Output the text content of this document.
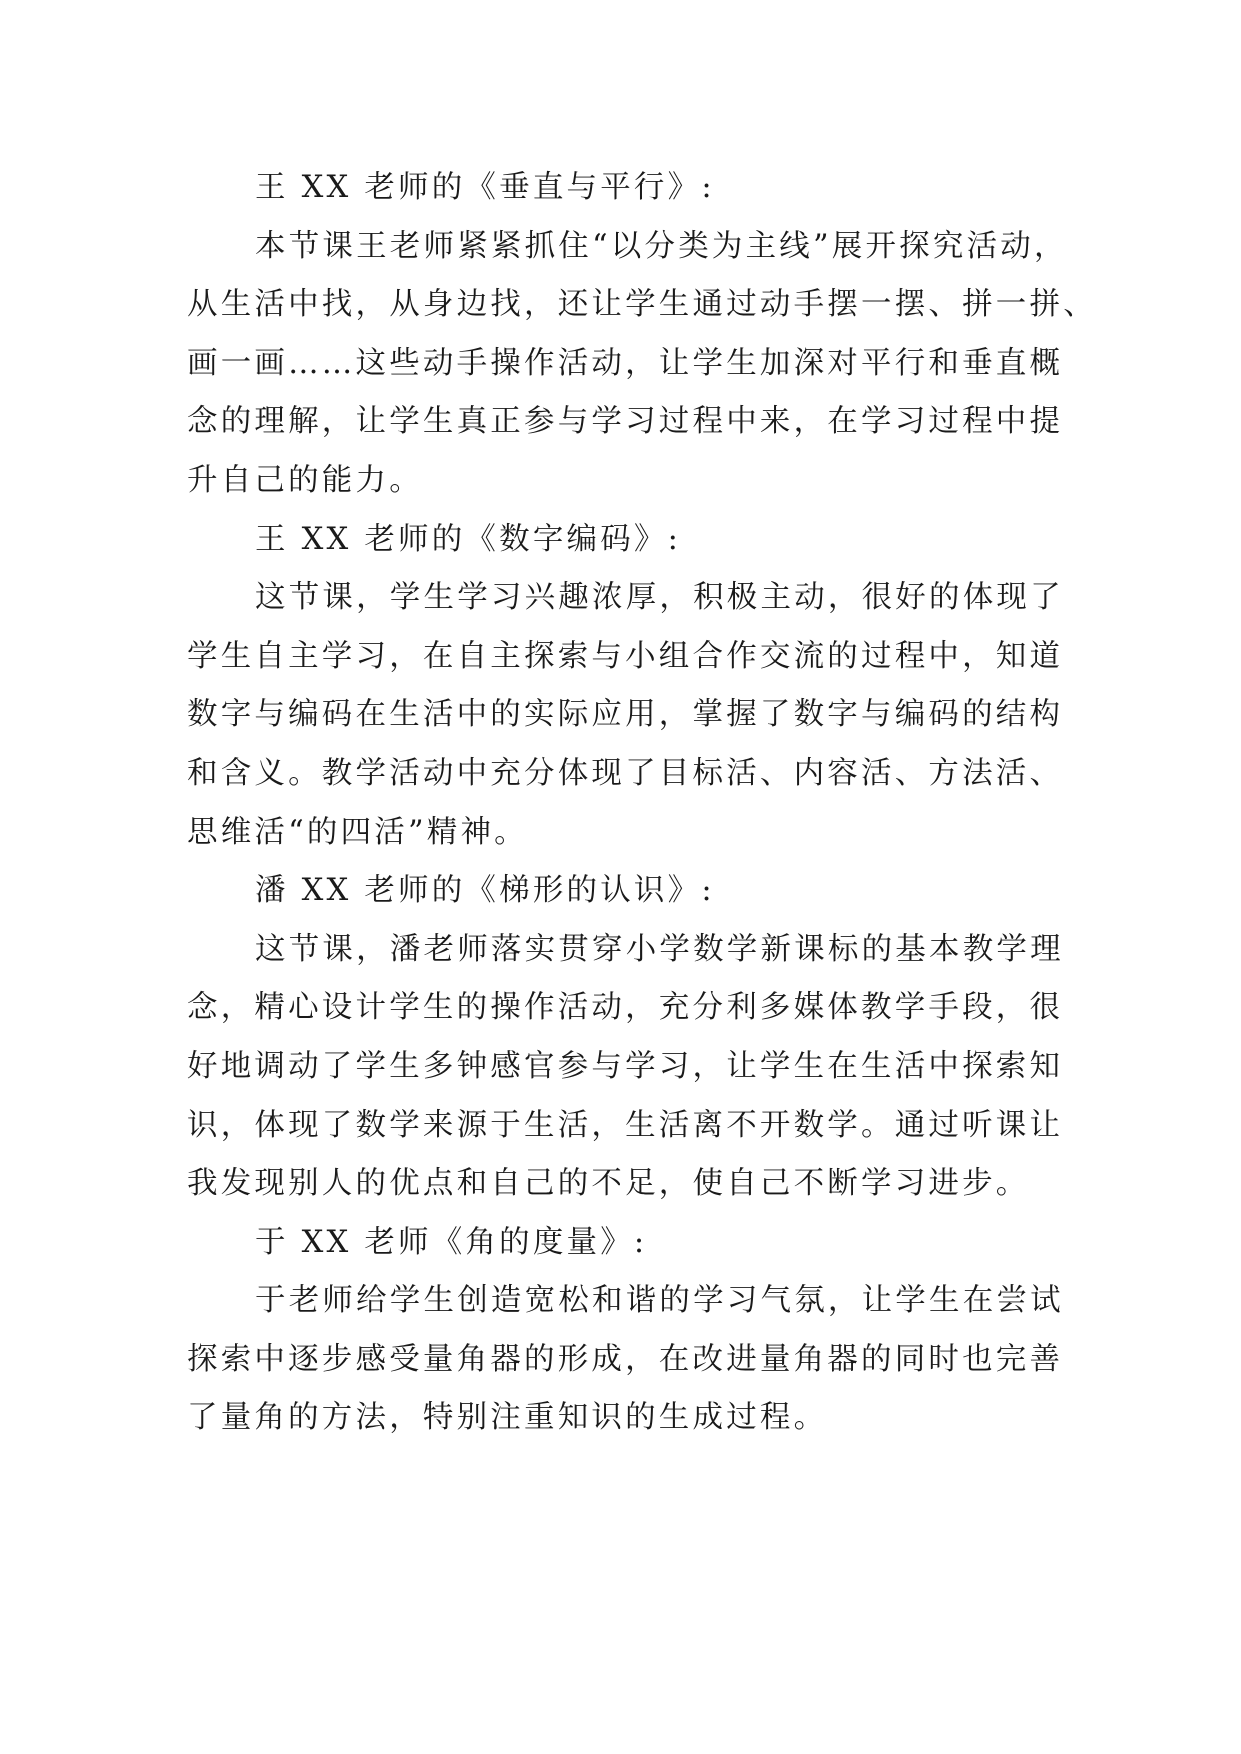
王 XX 老师的《垂直与平行》:
本节课王老师紧紧抓住“以分类为主线”展开探究活动，
从生活中找，从身边找，还让学生通过动手摆一摆、拼一拼、
画一画……这些动手操作活动，让学生加深对平行和垂直概
念的理解，让学生真正参与学习过程中来，在学习过程中提
升自己的能力。
王 XX 老师的《数字编码》:
这节课，学生学习兴趣浓厚，积极主动，很好的体现了
学生自主学习，在自主探索与小组合作交流的过程中，知道
数字与编码在生活中的实际应用，掌握了数字与编码的结构
和含义。教学活动中充分体现了目标活、内容活、方法活、
思维活“的四活”精神。
潘 XX 老师的《梯形的认识》:
这节课，潘老师落实贯穿小学数学新课标的基本教学理
念，精心设计学生的操作活动，充分利多媒体教学手段，很
好地调动了学生多钟感官参与学习，让学生在生活中探索知
识，体现了数学来源于生活，生活离不开数学。通过听课让
我发现别人的优点和自己的不足，使自己不断学习进步。
于 XX 老师《角的度量》:
于老师给学生创造宽松和谐的学习气氛，让学生在尝试
探索中逐步感受量角器的形成，在改进量角器的同时也完善
了量角的方法，特别注重知识的生成过程。
